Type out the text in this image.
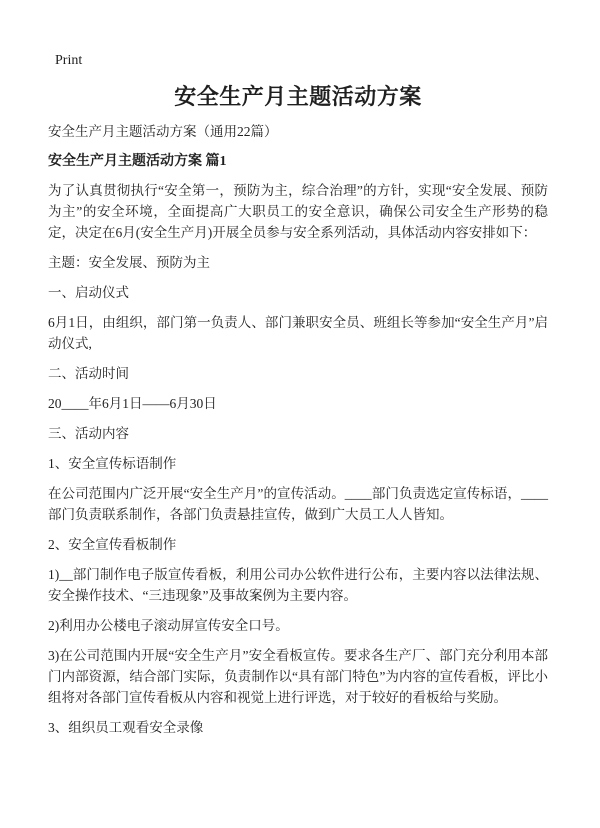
Print
安全生产月主题活动方案

安全生产月主题活动方案（通用22篇）

安全生产月主题活动方案 篇1

为了认真贯彻执行“安全第一，预防为主，综合治理”的方针，实现“安全发展、预防为主”的安全环境，全面提高广大职员工的安全意识，确保公司安全生产形势的稳定，决定在6月(安全生产月)开展全员参与安全系列活动，具体活动内容安排如下：

主题：安全发展、预防为主

一、启动仪式

6月1日，由组织，部门第一负责人、部门兼职安全员、班组长等参加“安全生产月”启动仪式,

二、活动时间

20____年6月1日——6月30日

三、活动内容

1、安全宣传标语制作

在公司范围内广泛开展“安全生产月”的宣传活动。____部门负责选定宣传标语，____部门负责联系制作，各部门负责悬挂宣传，做到广大员工人人皆知。

2、安全宣传看板制作

1)__部门制作电子版宣传看板，利用公司办公软件进行公布，主要内容以法律法规、安全操作技术、“三违现象”及事故案例为主要内容。

2)利用办公楼电子滚动屏宣传安全口号。

3)在公司范围内开展“安全生产月”安全看板宣传。要求各生产厂、部门充分利用本部门内部资源，结合部门实际，负责制作以“具有部门特色”为内容的宣传看板，评比小组将对各部门宣传看板从内容和视觉上进行评选，对于较好的看板给与奖励。

3、组织员工观看安全录像
